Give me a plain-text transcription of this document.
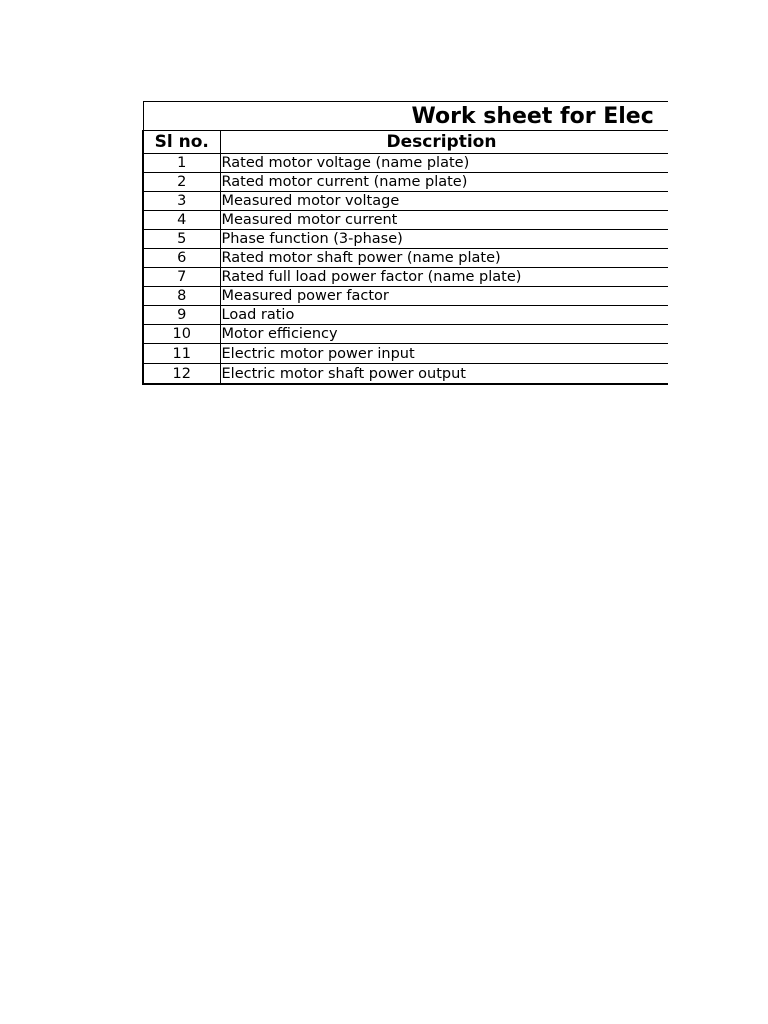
Work sheet for Elec	
Sl no.	Description
1	Rated motor voltage (name plate)
2	Rated motor current (name plate)
3	Measured motor voltage
4	Measured motor current
5	Phase function (3-phase)
6	Rated motor shaft power (name plate)
7	Rated full load power factor (name plate)
8	Measured power factor
9	Load ratio
10	Motor efficiency
11	Electric motor power input
12	Electric motor shaft power output
